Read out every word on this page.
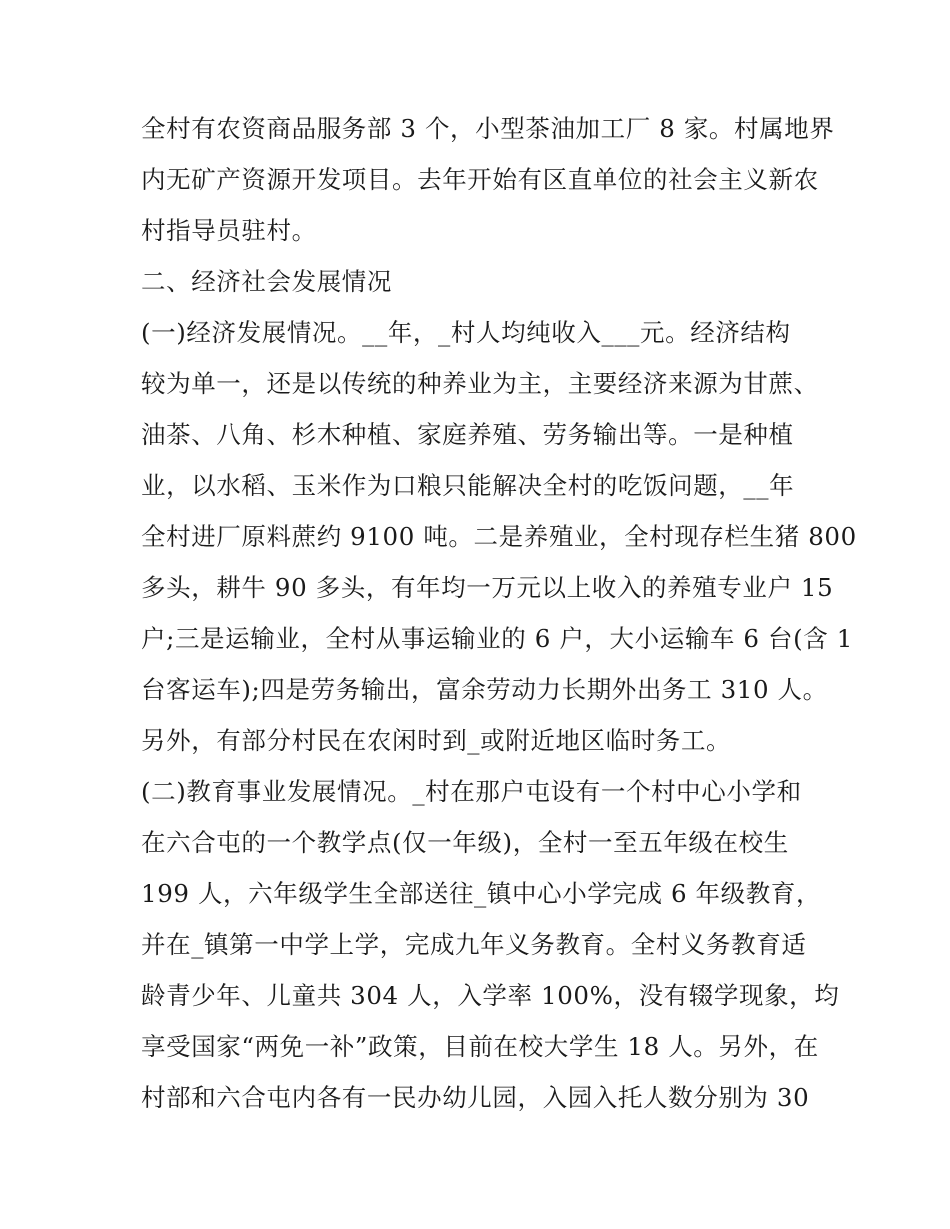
全村有农资商品服务部 3 个，小型茶油加工厂 8 家。村属地界
内无矿产资源开发项目。去年开始有区直单位的社会主义新农
村指导员驻村。
二、经济社会发展情况
(一)经济发展情况。__年，_村人均纯收入___元。经济结构
较为单一，还是以传统的种养业为主，主要经济来源为甘蔗、
油茶、八角、杉木种植、家庭养殖、劳务输出等。一是种植
业，以水稻、玉米作为口粮只能解决全村的吃饭问题，__年
全村进厂原料蔗约 9100 吨。二是养殖业，全村现存栏生猪 800
多头，耕牛 90 多头，有年均一万元以上收入的养殖专业户 15
户;三是运输业，全村从事运输业的 6 户，大小运输车 6 台(含 1
台客运车);四是劳务输出，富余劳动力长期外出务工 310 人。
另外，有部分村民在农闲时到_或附近地区临时务工。
(二)教育事业发展情况。_村在那户屯设有一个村中心小学和
在六合屯的一个教学点(仅一年级)，全村一至五年级在校生
199 人，六年级学生全部送往_镇中心小学完成 6 年级教育，
并在_镇第一中学上学，完成九年义务教育。全村义务教育适
龄青少年、儿童共 304 人，入学率 100%，没有辍学现象，均
享受国家“两免一补”政策，目前在校大学生 18 人。另外，在
村部和六合屯内各有一民办幼儿园，入园入托人数分别为 30
